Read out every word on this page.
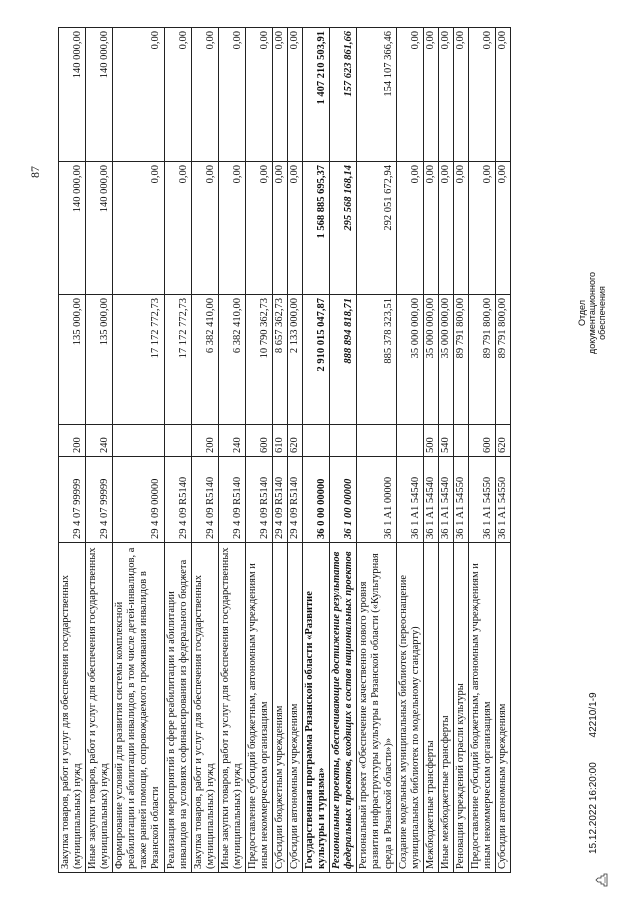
87
Закупка товаров, работ и услуг для обеспечения государственных (муниципальных) нужд	29 4 07 99999	200	135 000,00	140 000,00	140 000,00
Иные закупки товаров, работ и услуг для обеспечения государственных (муниципальных) нужд	29 4 07 99999	240	135 000,00	140 000,00	140 000,00
Формирование условий для развития системы комплексной реабилитации и абилитации инвалидов, в том числе детей-инвалидов, а также ранней помощи, сопровождаемого проживания инвалидов в Рязанской области	29 4 09 00000		17 172 772,73	0,00	0,00
Реализация мероприятий в сфере реабилитации и абилитации инвалидов на условиях софинансирования из федерального бюджета	29 4 09 R5140		17 172 772,73	0,00	0,00
Закупка товаров, работ и услуг для обеспечения государственных (муниципальных) нужд	29 4 09 R5140	200	6 382 410,00	0,00	0,00
Иные закупки товаров, работ и услуг для обеспечения государственных (муниципальных) нужд	29 4 09 R5140	240	6 382 410,00	0,00	0,00
Предоставление субсидий бюджетным, автономным учреждениям и иным некоммерческим организациям	29 4 09 R5140	600	10 790 362,73	0,00	0,00
Субсидии бюджетным учреждениям	29 4 09 R5140	610	8 657 362,73	0,00	0,00
Субсидии автономным учреждениям	29 4 09 R5140	620	2 133 000,00	0,00	0,00
Государственная программа Рязанской области «Развитие культуры и туризма»	36 0 00 00000		2 910 015 047,87	1 568 885 695,37	1 407 210 503,91
Региональные проекты, обеспечивающие достижение результатов федеральных проектов, входящих в состав национальных проектов	36 1 00 00000		888 894 818,71	295 568 168,14	157 623 861,66
Региональный проект «Обеспечение качественно нового уровня развития инфраструктуры культуры в Рязанской области («Культурная среда в Рязанской области»)»	36 1 A1 00000		885 378 323,51	292 051 672,94	154 107 366,46
Создание модельных муниципальных библиотек (переоснащение муниципальных библиотек по модельному стандарту)	36 1 A1 54540		35 000 000,00	0,00	0,00
Межбюджетные трансферты	36 1 A1 54540	500	35 000 000,00	0,00	0,00
Иные межбюджетные трансферты	36 1 A1 54540	540	35 000 000,00	0,00	0,00
Реновация учреждений отрасли культуры	36 1 A1 54550		89 791 800,00	0,00	0,00
Предоставление субсидий бюджетным, автономным учреждениям и иным некоммерческим организациям	36 1 A1 54550	600	89 791 800,00	0,00	0,00
Субсидии автономным учреждениям	36 1 A1 54550	620	89 791 800,00	0,00	0,00
15.12.2022 16:20:00 42210/1-9
Отдел документационного обеспечения
